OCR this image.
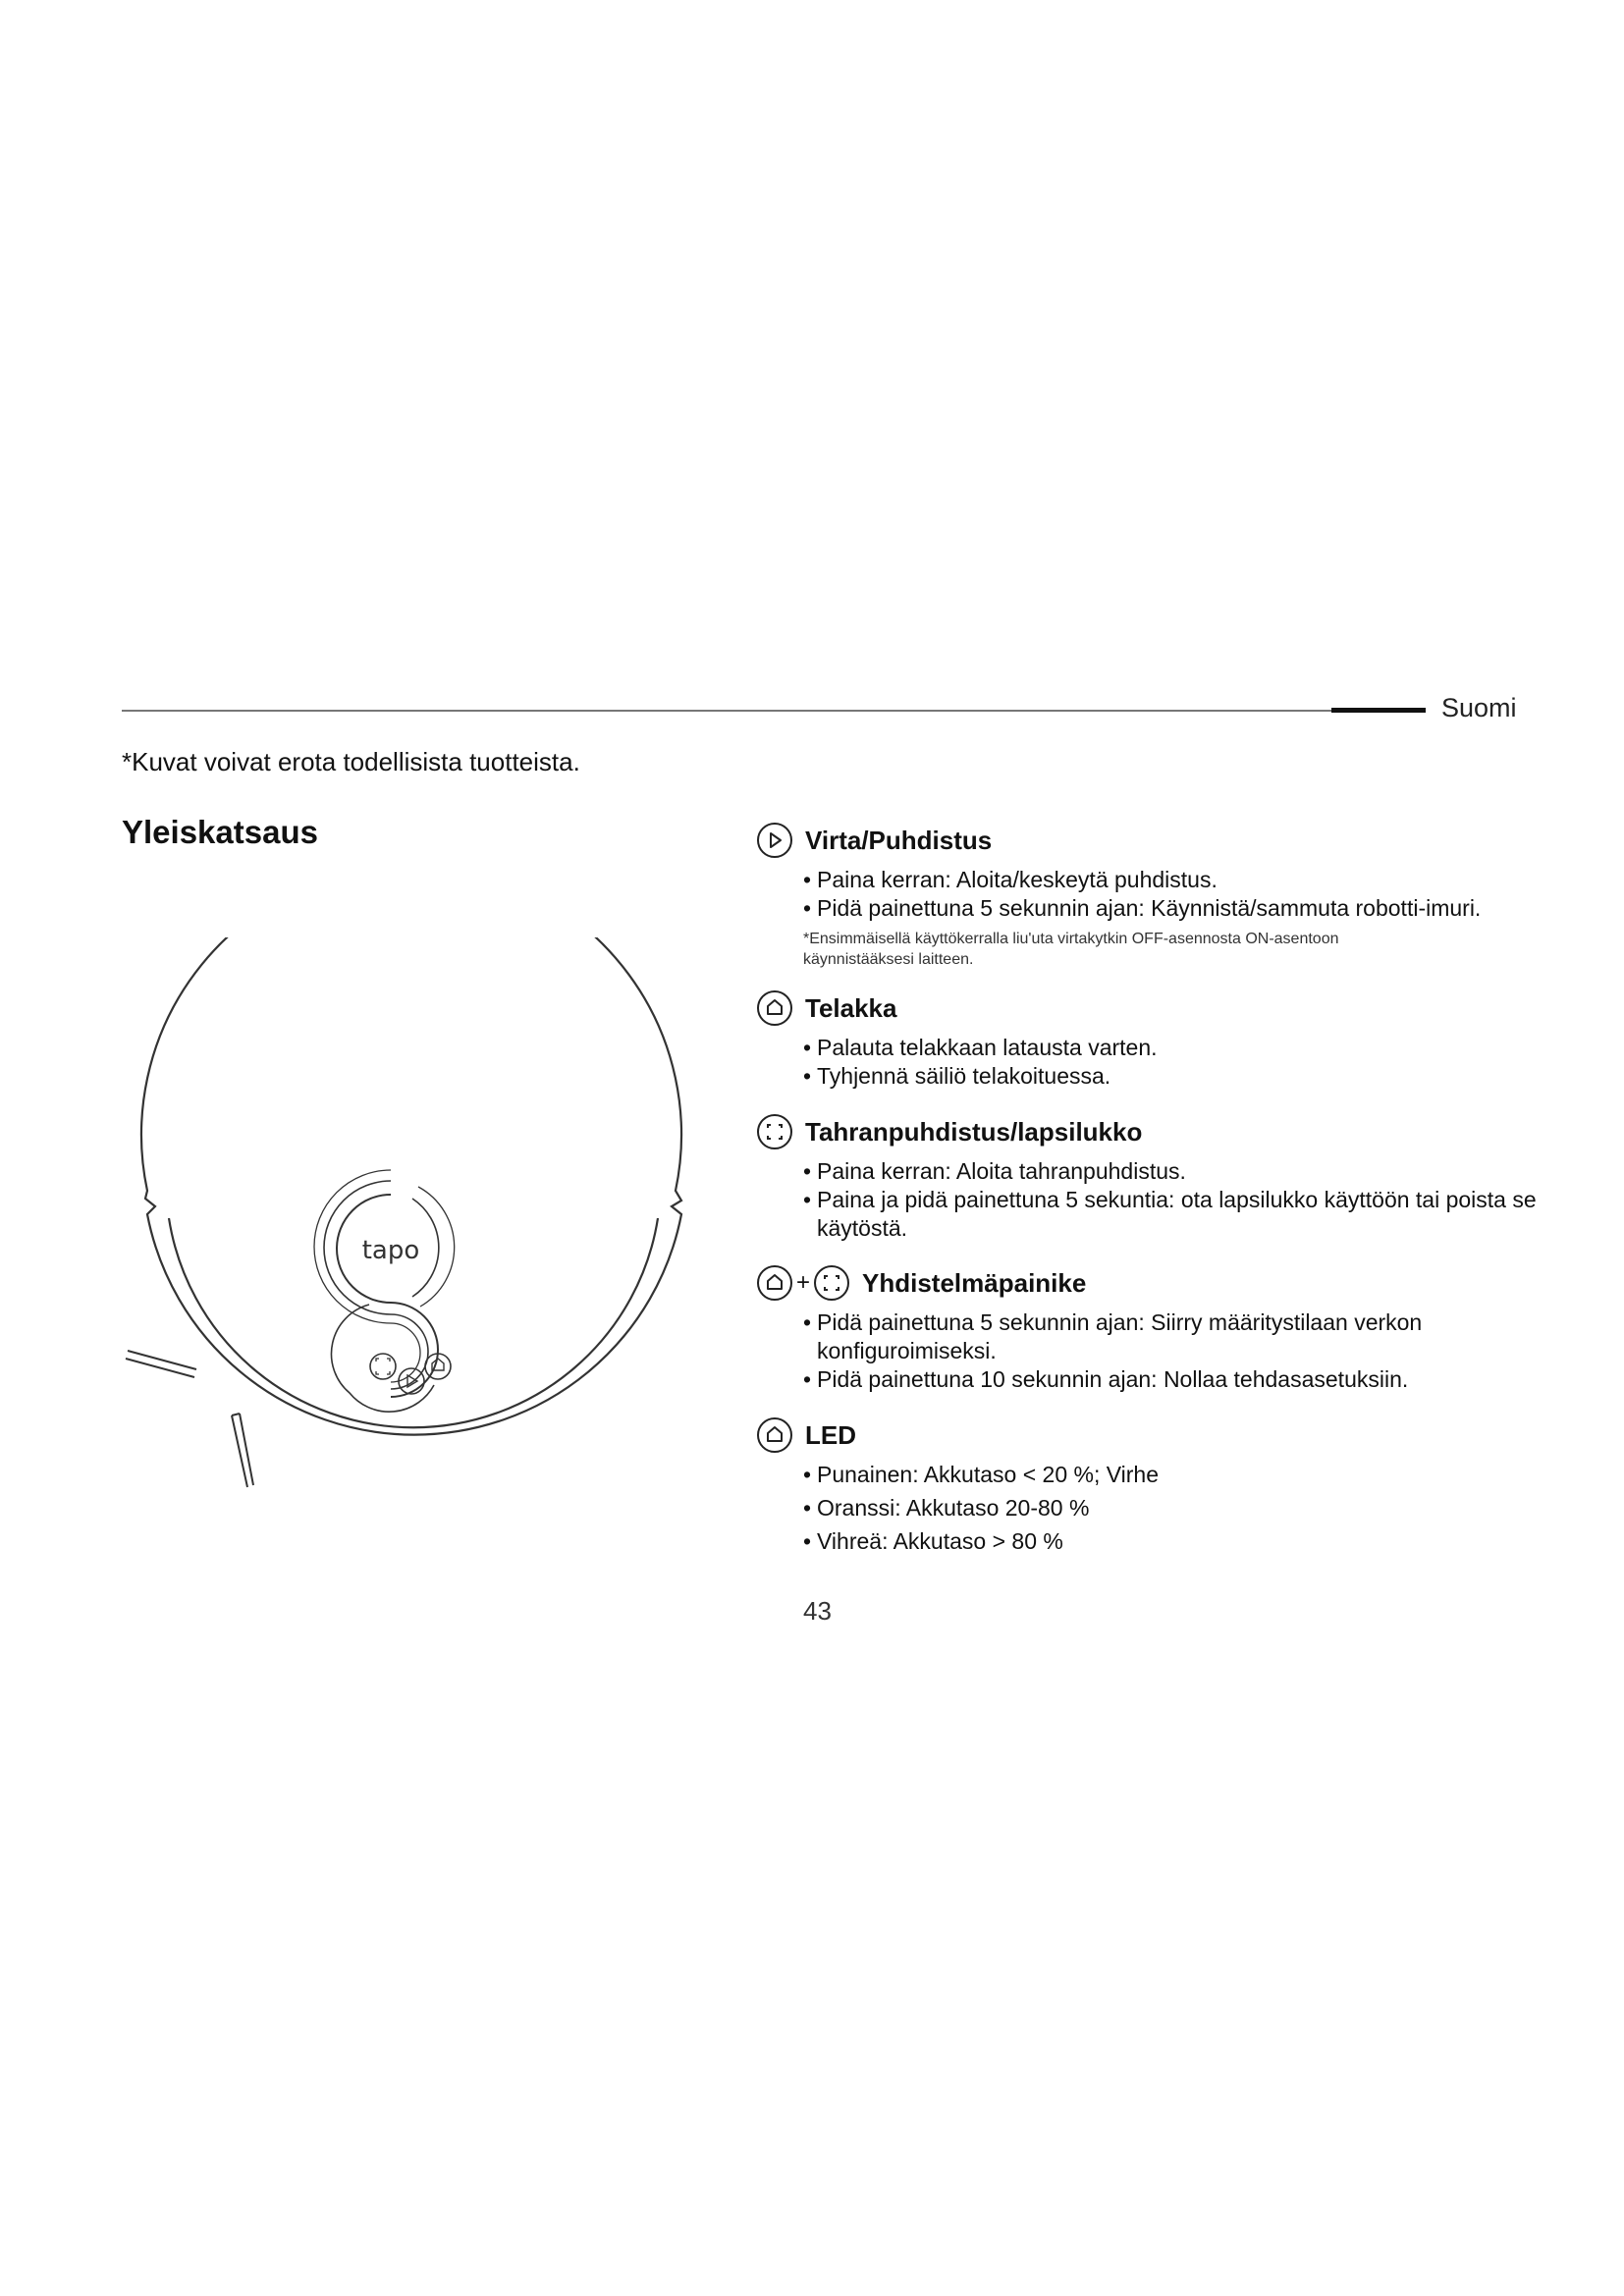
Suomi
*Kuvat voivat erota todellisista tuotteista.
Yleiskatsaus
tapo
Virta/Puhdistus
• Paina kerran: Aloita/keskeytä puhdistus.
• Pidä painettuna 5 sekunnin ajan: Käynnistä/sammuta robotti-imuri.
*Ensimmäisellä käyttökerralla liu'uta virtakytkin OFF-asennosta ON-asentoon käynnistääksesi laitteen.
Telakka
• Palauta telakkaan latausta varten.
• Tyhjennä säiliö telakoituessa.
Tahranpuhdistus/lapsilukko
• Paina kerran: Aloita tahranpuhdistus.
• Paina ja pidä painettuna 5 sekuntia: ota lapsilukko käyttöön tai poista se käytöstä.
+ Yhdistelmäpainike
• Pidä painettuna 5 sekunnin ajan: Siirry määritystilaan verkon konfiguroimiseksi.
• Pidä painettuna 10 sekunnin ajan: Nollaa tehdasasetuksiin.
LED
• Punainen: Akkutaso < 20 %; Virhe
• Oranssi: Akkutaso 20-80 %
• Vihreä: Akkutaso > 80 %
43
